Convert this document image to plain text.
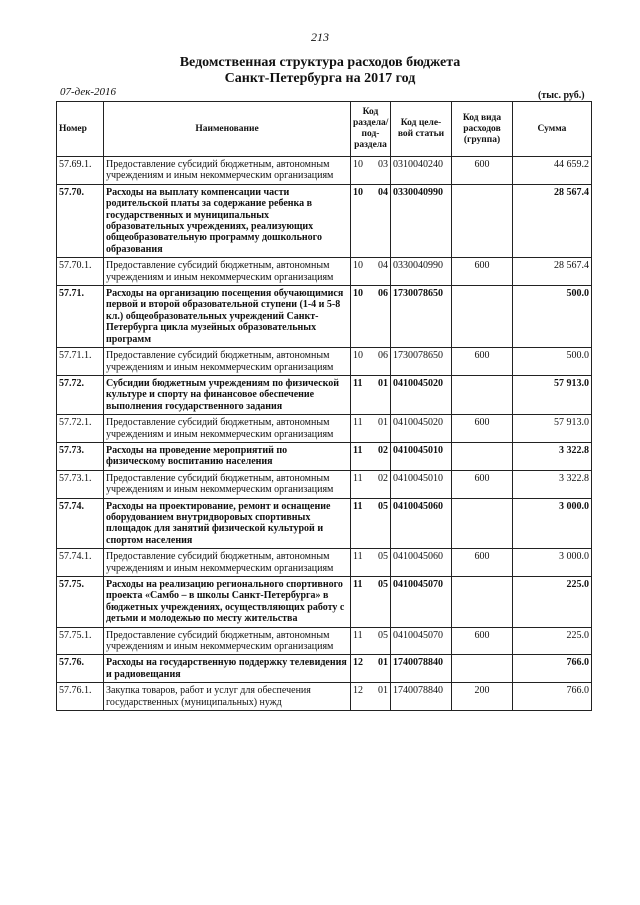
213
Ведомственная структура расходов бюджета
Санкт-Петербурга на 2017 год
07-дек-2016	(тыс. руб.)
Номер	Наименование	Код раздела/ под- раздела	Код целе- вой статьи	Код вида расходов (группа)	Сумма
57.69.1.	Предоставление субсидий бюджетным, автономным учреждениям и иным некоммерческим организациям	10 03	0310040240	600	44 659.2
57.70.	Расходы на выплату компенсации части родительской платы за содержание ребенка в государственных и муниципальных образовательных учреждениях, реализующих общеобразовательную программу дошкольного образования	10 04	0330040990		28 567.4
57.70.1.	Предоставление субсидий бюджетным, автономным учреждениям и иным некоммерческим организациям	10 04	0330040990	600	28 567.4
57.71.	Расходы на организацию посещения обучающимися первой и второй образовательной ступени (1-4 и 5-8 кл.) общеобразовательных учреждений Санкт-Петербурга цикла музейных образовательных программ	10 06	1730078650		500.0
57.71.1.	Предоставление субсидий бюджетным, автономным учреждениям и иным некоммерческим организациям	10 06	1730078650	600	500.0
57.72.	Субсидии бюджетным учреждениям по физической культуре и спорту на финансовое обеспечение выполнения государственного задания	11 01	0410045020		57 913.0
57.72.1.	Предоставление субсидий бюджетным, автономным учреждениям и иным некоммерческим организациям	11 01	0410045020	600	57 913.0
57.73.	Расходы на проведение мероприятий по физическому воспитанию населения	11 02	0410045010		3 322.8
57.73.1.	Предоставление субсидий бюджетным, автономным учреждениям и иным некоммерческим организациям	11 02	0410045010	600	3 322.8
57.74.	Расходы на проектирование, ремонт и оснащение оборудованием внутридворовых спортивных площадок для занятий физической культурой и спортом населения	11 05	0410045060		3 000.0
57.74.1.	Предоставление субсидий бюджетным, автономным учреждениям и иным некоммерческим организациям	11 05	0410045060	600	3 000.0
57.75.	Расходы на реализацию регионального спортивного проекта «Самбо – в школы Санкт-Петербурга» в бюджетных учреждениях, осуществляющих работу с детьми и молодежью по месту жительства	11 05	0410045070		225.0
57.75.1.	Предоставление субсидий бюджетным, автономным учреждениям и иным некоммерческим организациям	11 05	0410045070	600	225.0
57.76.	Расходы на государственную поддержку телевидения и радиовещания	12 01	1740078840		766.0
57.76.1.	Закупка товаров, работ и услуг для обеспечения государственных (муниципальных) нужд	12 01	1740078840	200	766.0
